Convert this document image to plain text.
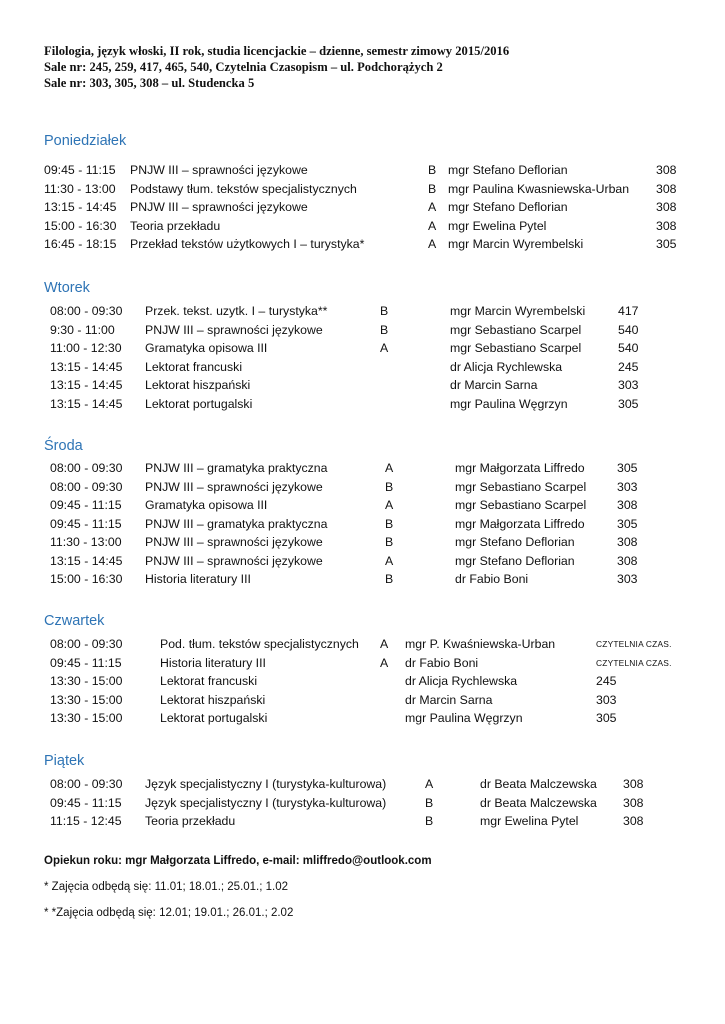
Filologia, język włoski, II rok, studia licencjackie – dzienne, semestr zimowy 2015/2016
Sale nr: 245, 259, 417, 465, 540, Czytelnia Czasopism – ul. Podchorążych 2
Sale nr: 303, 305, 308 – ul. Studencka 5
Poniedziałek
09:45 - 11:15 PNJW III – sprawności językowe	B mgr Stefano Deflorian	308
11:30 - 13:00 Podstawy tłum. tekstów specjalistycznych	B mgr Paulina Kwasniewska-Urban 308
13:15 - 14:45 PNJW III – sprawności językowe	A mgr Stefano Deflorian	308
15:00 - 16:30 Teoria przekładu	A mgr Ewelina Pytel	308
16:45 - 18:15 Przekład tekstów użytkowych I – turystyka*	A mgr Marcin Wyrembelski	305
Wtorek
08:00 - 09:30 Przek. tekst. uzytk. I – turystyka**	B	mgr Marcin Wyrembelski	417
9:30 - 11:00 PNJW III – sprawności językowe	B	mgr Sebastiano Scarpel	540
11:00 - 12:30 Gramatyka opisowa III	A	mgr Sebastiano Scarpel	540
13:15 - 14:45 Lektorat francuski	dr Alicja Rychlewska	245
13:15 - 14:45 Lektorat hiszpański	dr Marcin Sarna	303
13:15 - 14:45 Lektorat portugalski	mgr Paulina Węgrzyn	305
Środa
08:00 - 09:30 PNJW III – gramatyka praktyczna	A	mgr Małgorzata Liffredo	305
08:00 - 09:30 PNJW III – sprawności językowe	B	mgr Sebastiano Scarpel	303
09:45 - 11:15 Gramatyka opisowa III	A	mgr Sebastiano Scarpel	308
09:45 - 11:15 PNJW III – gramatyka praktyczna	B	mgr Małgorzata Liffredo	305
11:30 - 13:00 PNJW III – sprawności językowe	B	mgr Stefano Deflorian	308
13:15 - 14:45 PNJW III – sprawności językowe	A	mgr Stefano Deflorian	308
15:00 - 16:30 Historia literatury III	B	dr Fabio Boni	303
Czwartek
08:00 - 09:30	Pod. tłum. tekstów specjalistycznych A mgr P. Kwaśniewska-Urban	CZYTELNIA CZAS.
09:45 - 11:15	Historia literatury III	A dr Fabio Boni	CZYTELNIA CZAS.
13:30 - 15:00	Lektorat francuski	dr Alicja Rychlewska	245
13:30 - 15:00	Lektorat hiszpański	dr Marcin Sarna	303
13:30 - 15:00	Lektorat portugalski	mgr Paulina Węgrzyn	305
Piątek
08:00 - 09:30 Język specjalistyczny I (turystyka-kulturowa)	A	dr Beata Malczewska 308
09:45 - 11:15 Język specjalistyczny I (turystyka-kulturowa)	B	dr Beata Malczewska 308
11:15 - 12:45 Teoria przekładu	B	mgr Ewelina Pytel	308
Opiekun roku: mgr Małgorzata Liffredo, e-mail: mliffredo@outlook.com
* Zajęcia odbędą się: 11.01; 18.01.; 25.01.; 1.02
* *Zajęcia odbędą się: 12.01; 19.01.; 26.01.; 2.02
